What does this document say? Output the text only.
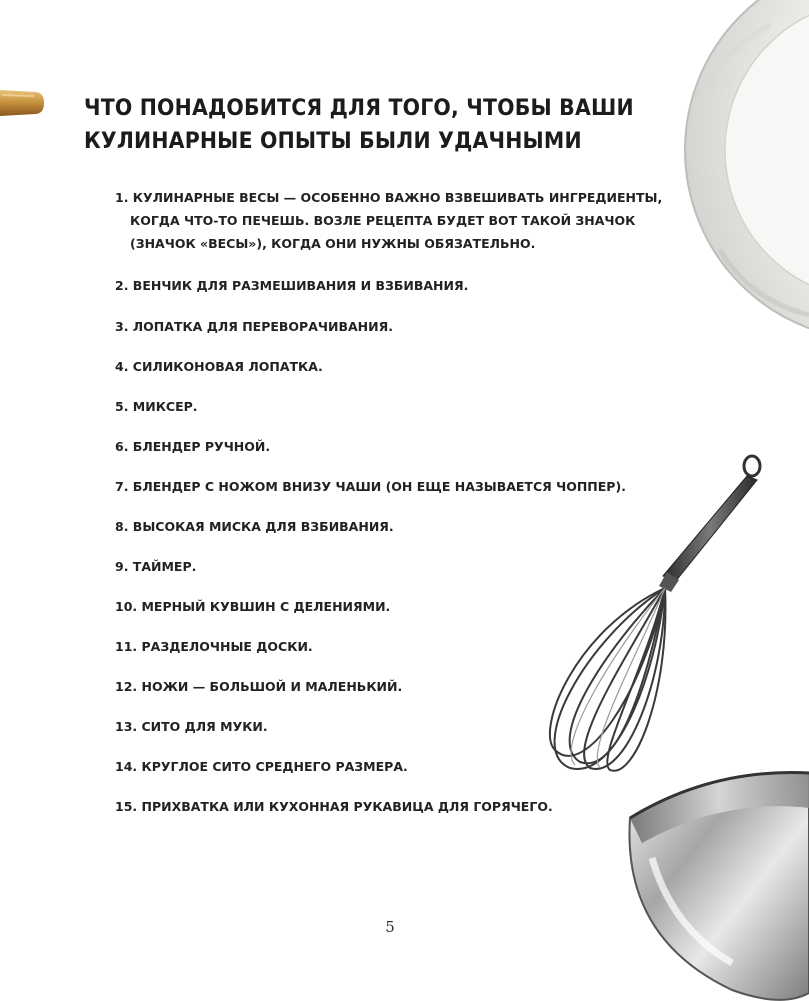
ЧТО ПОНАДОБИТСЯ ДЛЯ ТОГО, ЧТОБЫ ВАШИ
КУЛИНАРНЫЕ ОПЫТЫ БЫЛИ УДАЧНЫМИ
1. КУЛИНАРНЫЕ ВЕСЫ — ОСОБЕННО ВАЖНО ВЗВЕШИВАТЬ ИНГРЕДИЕНТЫ,
КОГДА ЧТО-ТО ПЕЧЕШЬ. ВОЗЛЕ РЕЦЕПТА БУДЕТ ВОТ ТАКОЙ ЗНАЧОК
(ЗНАЧОК «ВЕСЫ»), КОГДА ОНИ НУЖНЫ ОБЯЗАТЕЛЬНО.
2. ВЕНЧИК ДЛЯ РАЗМЕШИВАНИЯ И ВЗБИВАНИЯ.
3. ЛОПАТКА ДЛЯ ПЕРЕВОРАЧИВАНИЯ.
4. СИЛИКОНОВАЯ ЛОПАТКА.
5. МИКСЕР.
6. БЛЕНДЕР РУЧНОЙ.
7. БЛЕНДЕР С НОЖОМ ВНИЗУ ЧАШИ (ОН ЕЩЕ НАЗЫВАЕТСЯ ЧОППЕР).
8. ВЫСОКАЯ МИСКА ДЛЯ ВЗБИВАНИЯ.
9. ТАЙМЕР.
10. МЕРНЫЙ КУВШИН С ДЕЛЕНИЯМИ.
11. РАЗДЕЛОЧНЫЕ ДОСКИ.
12. НОЖИ — БОЛЬШОЙ И МАЛЕНЬКИЙ.
13. СИТО ДЛЯ МУКИ.
14. КРУГЛОЕ СИТО СРЕДНЕГО РАЗМЕРА.
15. ПРИХВАТКА ИЛИ КУХОННАЯ РУКАВИЦА ДЛЯ ГОРЯЧЕГО.
5
